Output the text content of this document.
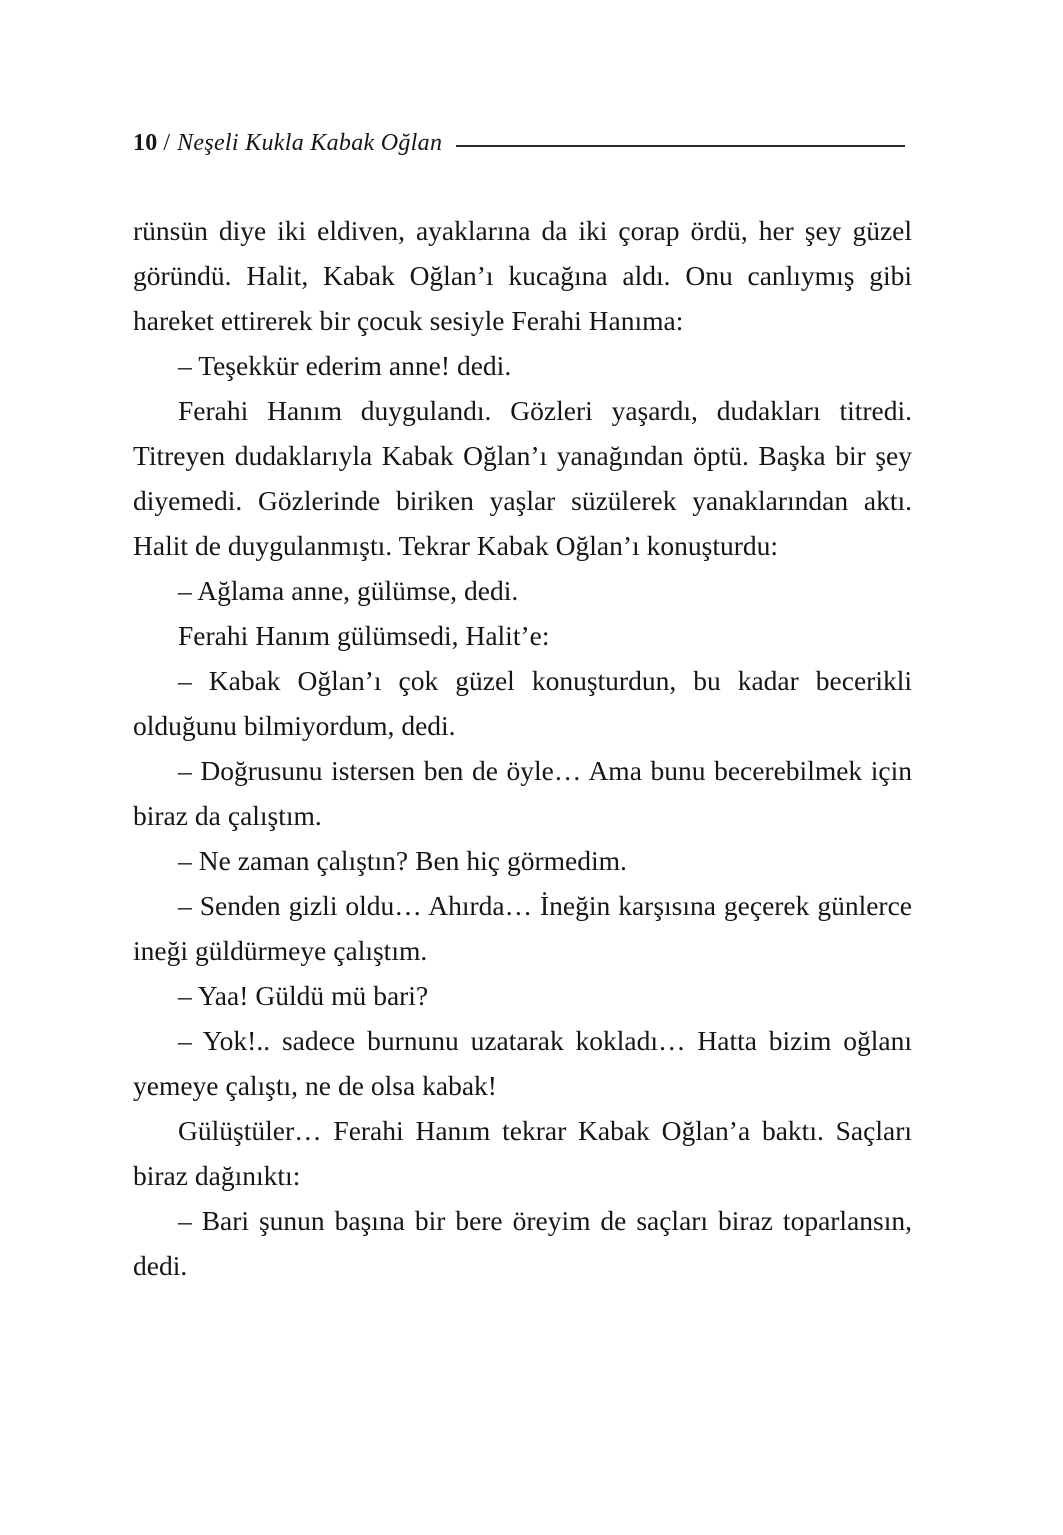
10 / Neşeli Kukla Kabak Oğlan

rünsün diye iki eldiven, ayaklarına da iki çorap ördü, her şey güzel göründü. Halit, Kabak Oğlan’ı kucağına aldı. Onu canlıymış gibi hareket ettirerek bir çocuk sesiyle Ferahi Hanıma:

– Teşekkür ederim anne! dedi.

Ferahi Hanım duygulandı. Gözleri yaşardı, dudakları titredi. Titreyen dudaklarıyla Kabak Oğlan’ı yanağından öptü. Başka bir şey diyemedi. Gözlerinde biriken yaşlar süzülerek yanaklarından aktı. Halit de duygulanmıştı. Tekrar Kabak Oğlan’ı konuşturdu:

– Ağlama anne, gülümse, dedi.

Ferahi Hanım gülümsedi, Halit’e:

– Kabak Oğlan’ı çok güzel konuşturdun, bu kadar becerikli olduğunu bilmiyordum, dedi.

– Doğrusunu istersen ben de öyle… Ama bunu becerebilmek için biraz da çalıştım.

– Ne zaman çalıştın? Ben hiç görmedim.

– Senden gizli oldu… Ahırda… İneğin karşısına geçerek günlerce ineği güldürmeye çalıştım.

– Yaa! Güldü mü bari?

– Yok!.. sadece burnunu uzatarak kokladı… Hatta bizim oğlanı yemeye çalıştı, ne de olsa kabak!

Gülüştüler… Ferahi Hanım tekrar Kabak Oğlan’a baktı. Saçları biraz dağınıktı:

– Bari şunun başına bir bere öreyim de saçları biraz toparlansın, dedi.
